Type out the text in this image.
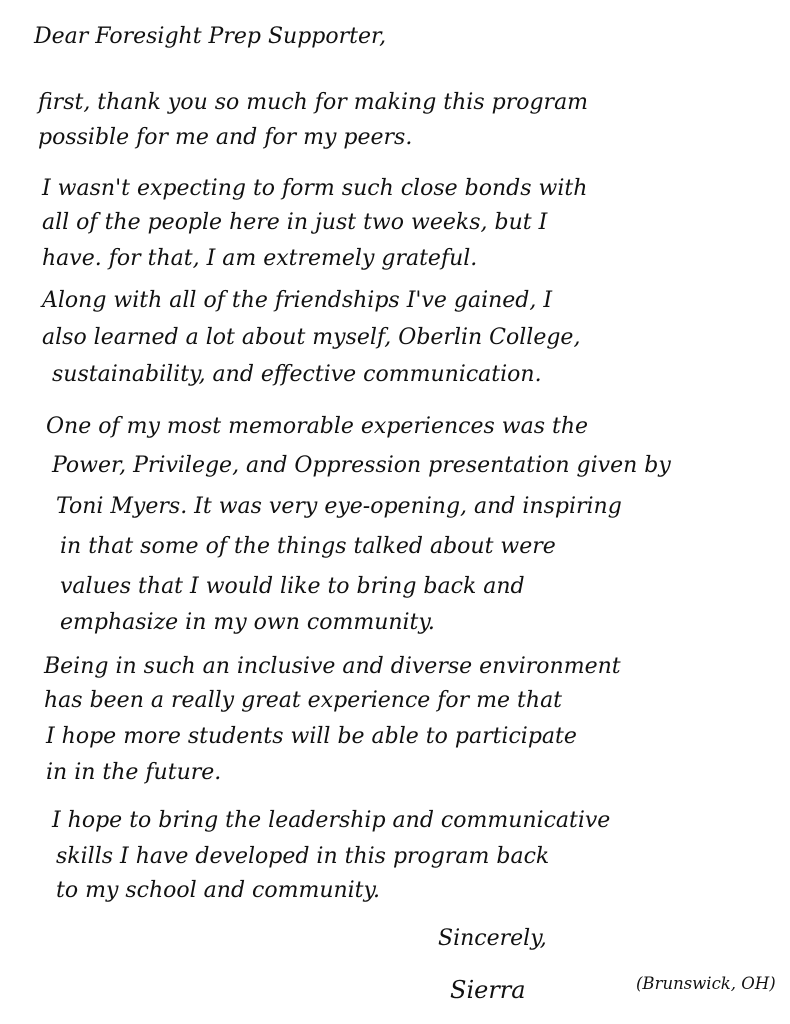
Dear Foresight Prep Supporter,
first, thank you so much for making this program
possible for me and for my peers.
I wasn't expecting to form such close bonds with
all of the people here in just two weeks, but I
have. for that, I am extremely grateful.
Along with all of the friendships I've gained, I
also learned a lot about myself, Oberlin College,
sustainability, and effective communication.
One of my most memorable experiences was the
Power, Privilege, and Oppression presentation given by
Toni Myers. It was very eye-opening, and inspiring
in that some of the things talked about were
values that I would like to bring back and
emphasize in my own community.
Being in such an inclusive and diverse environment
has been a really great experience for me that
I hope more students will be able to participate
in in the future.
I hope to bring the leadership and communicative
skills I have developed in this program back
to my school and community.
Sincerely,
Sierra	(Brunswick, OH)
